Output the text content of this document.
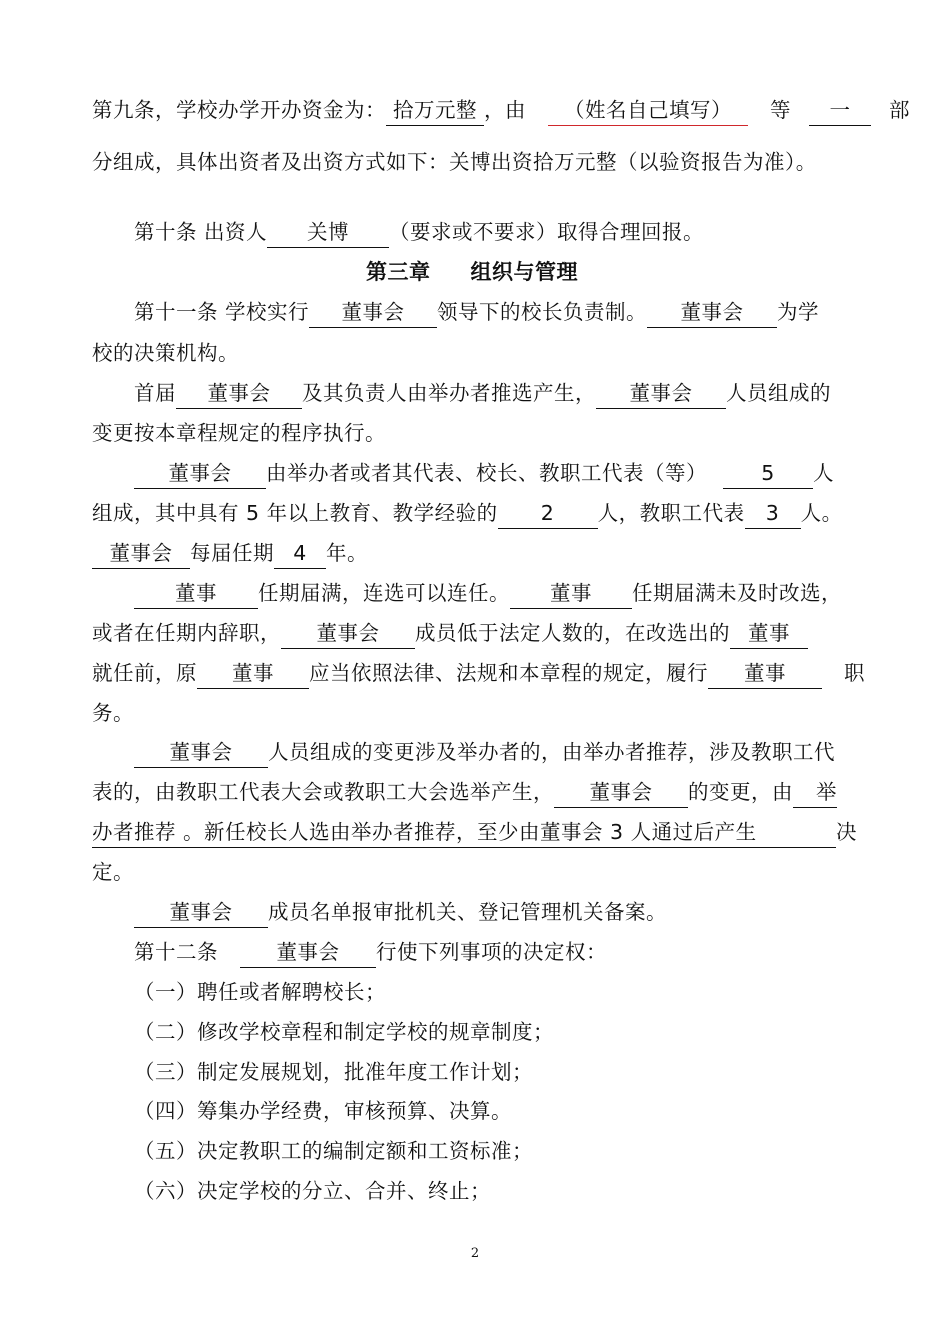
第九条，学校办学开办资金为： 拾万元整 ，由 （姓名自己填写） 等 一 部
分组成，具体出资者及出资方式如下：关博出资拾万元整（以验资报告为准）。
第十条 出资人 关博 （要求或不要求）取得合理回报。
第三章 组织与管理
第十一条 学校实行 董事会 领导下的校长负责制。 董事会 为学
校的决策机构。
首届 董事会 及其负责人由举办者推选产生， 董事会 人员组成的
变更按本章程规定的程序执行。
董事会 由举办者或者其代表、校长、教职工代表（等）	5 人
组成，其中具有 5 年以上教育、教学经验的 2 人，教职工代表 3 人。
董事会 每届任期 4 年。
董事 任期届满，连选可以连任。 董事 任期届满未及时改选，
或者在任期内辞职， 董事会 成员低于法定人数的，在改选出的 董事
就任前，原 董事 应当依照法律、法规和本章程的规定，履行 董事	职
务。
董事会 人员组成的变更涉及举办者的，由举办者推荐，涉及教职工代
表的，由教职工代表大会或教职工大会选举产生， 董事会 的变更，由 举
办者推荐 。新任校长人选由举办者推荐，至少由董事会 3 人通过后产生	决
定。
董事会 成员名单报审批机关、登记管理机关备案。
第十二条	董事会 行使下列事项的决定权：
（一）聘任或者解聘校长；
（二）修改学校章程和制定学校的规章制度；
（三）制定发展规划，批准年度工作计划；
（四）筹集办学经费，审核预算、决算。
（五）决定教职工的编制定额和工资标准；
（六）决定学校的分立、合并、终止；
2
